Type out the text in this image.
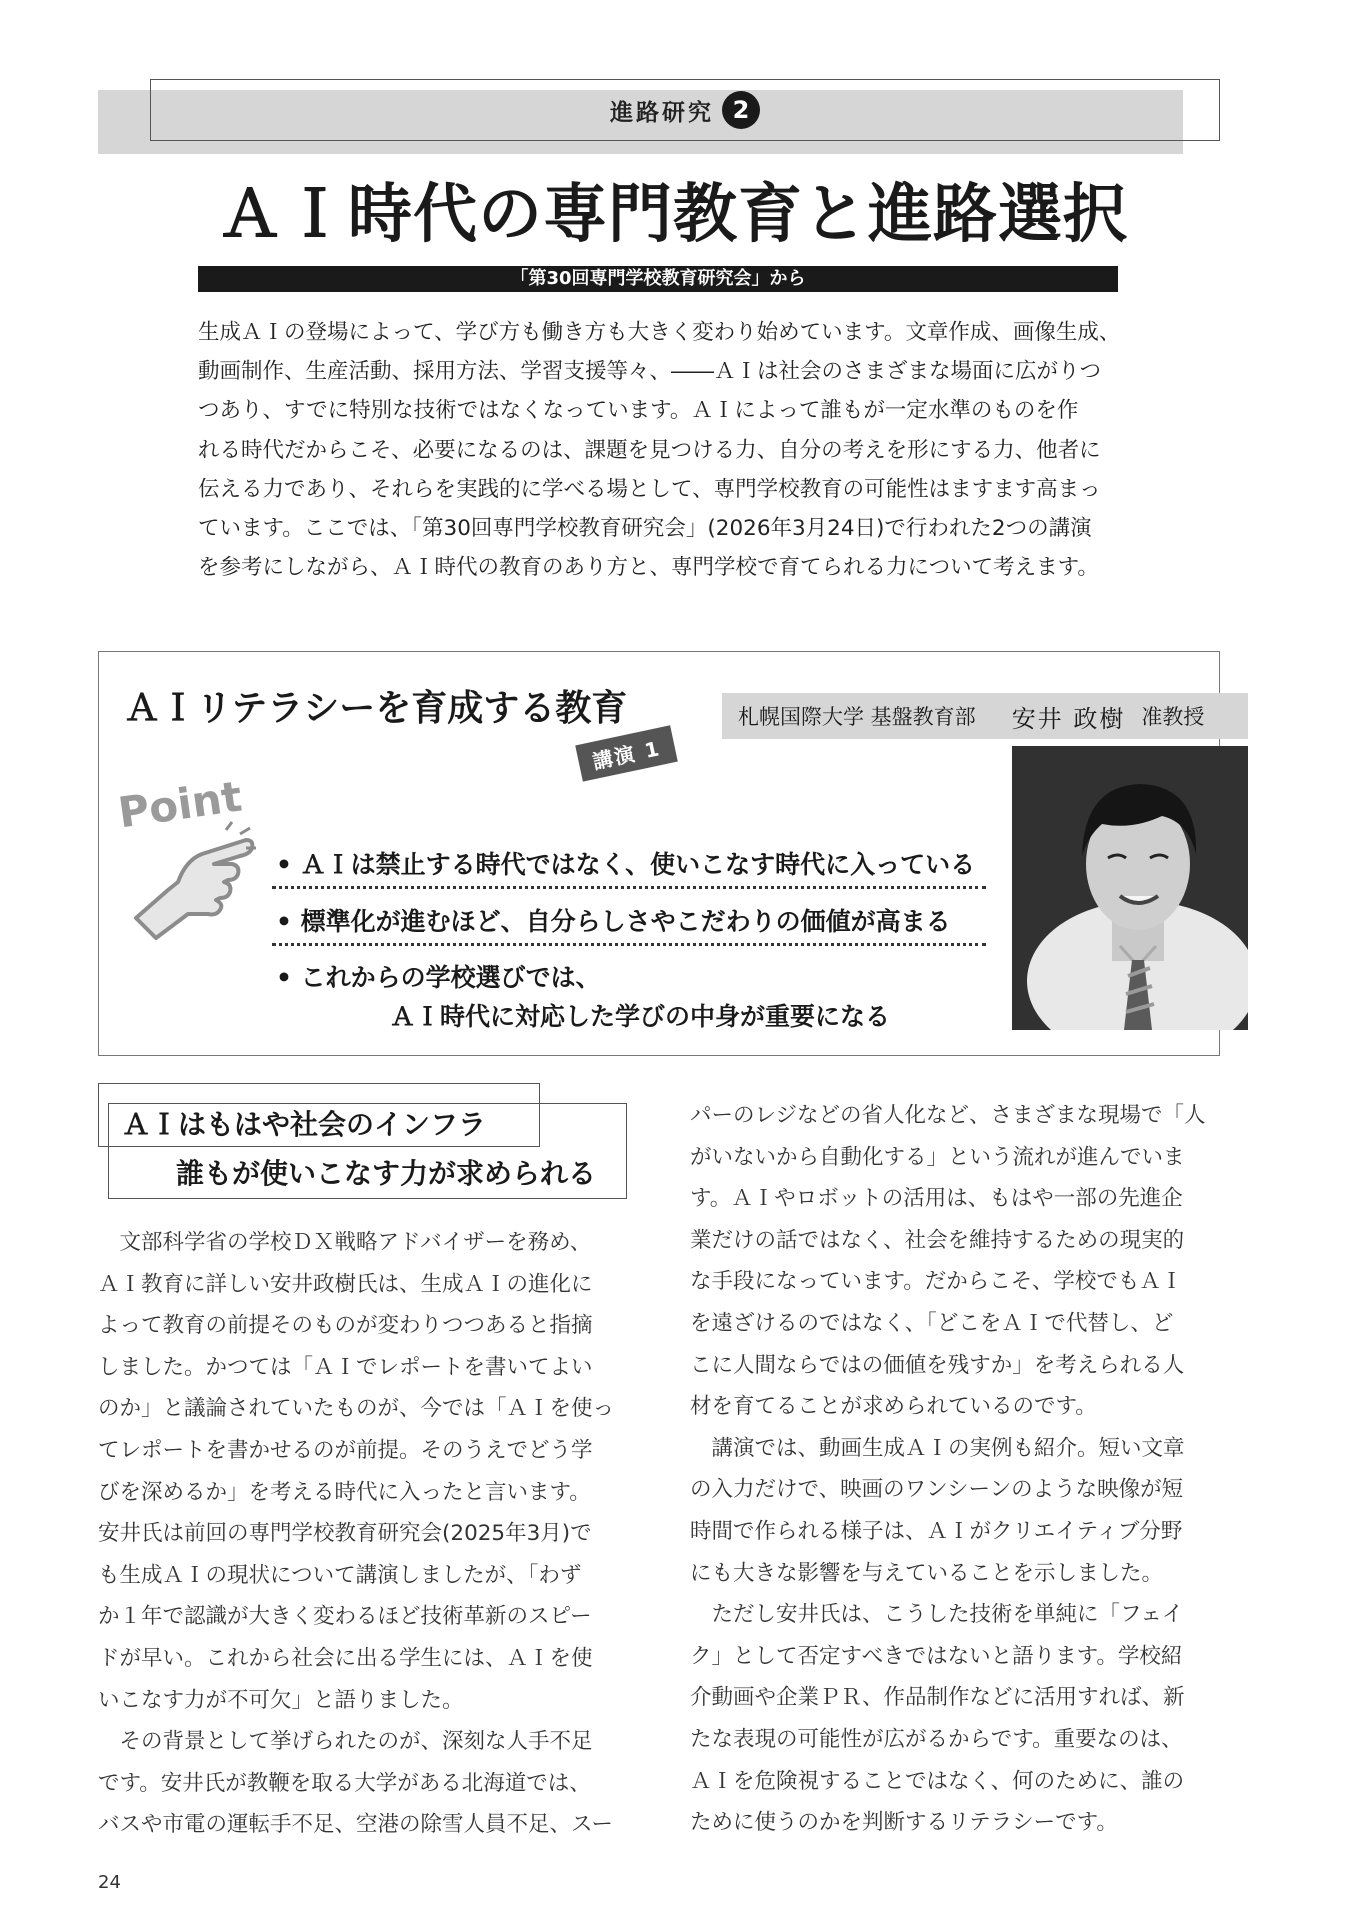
進路研究 2
ＡＩ時代の専門教育と進路選択
「第30回専門学校教育研究会」から

生成ＡＩの登場によって、学び方も働き方も大きく変わり始めています。文章作成、画像生成、

動画制作、生産活動、採用方法、学習支援等々、――ＡＩは社会のさまざまな場面に広がりつ

つあり、すでに特別な技術ではなくなっています。ＡＩによって誰もが一定水準のものを作

れる時代だからこそ、必要になるのは、課題を見つける力、自分の考えを形にする力、他者に

伝える力であり、それらを実践的に学べる場として、専門学校教育の可能性はますます高まっ

ています。ここでは、「第30回専門学校教育研究会」(2026年3月24日)で行われた2つの講演

を参考にしながら、ＡＩ時代の教育のあり方と、専門学校で育てられる力について考えます。

ＡＩリテラシーを育成する教育
講演 1
札幌国際大学 基盤教育部 安井 政樹 准教授
Point
• ＡＩは禁止する時代ではなく、使いこなす時代に入っている
• 標準化が進むほど、自分らしさやこだわりの価値が高まる
• これからの学校選びでは、
ＡＩ時代に対応した学びの中身が重要になる
ＡＩはもはや社会のインフラ
誰もが使いこなす力が求められる

　文部科学省の学校ＤＸ戦略アドバイザーを務め、

ＡＩ教育に詳しい安井政樹氏は、生成ＡＩの進化に

よって教育の前提そのものが変わりつつあると指摘

しました。かつては「ＡＩでレポートを書いてよい

のか」と議論されていたものが、今では「ＡＩを使っ

てレポートを書かせるのが前提。そのうえでどう学

びを深めるか」を考える時代に入ったと言います。

安井氏は前回の専門学校教育研究会(2025年3月)で

も生成ＡＩの現状について講演しましたが、「わず

か１年で認識が大きく変わるほど技術革新のスピー

ドが早い。これから社会に出る学生には、ＡＩを使

いこなす力が不可欠」と語りました。

　その背景として挙げられたのが、深刻な人手不足

です。安井氏が教鞭を取る大学がある北海道では、

バスや市電の運転手不足、空港の除雪人員不足、スー

パーのレジなどの省人化など、さまざまな現場で「人

がいないから自動化する」という流れが進んでいま

す。ＡＩやロボットの活用は、もはや一部の先進企

業だけの話ではなく、社会を維持するための現実的

な手段になっています。だからこそ、学校でもＡＩ

を遠ざけるのではなく、「どこをＡＩで代替し、ど

こに人間ならではの価値を残すか」を考えられる人

材を育てることが求められているのです。

　講演では、動画生成ＡＩの実例も紹介。短い文章

の入力だけで、映画のワンシーンのような映像が短

時間で作られる様子は、ＡＩがクリエイティブ分野

にも大きな影響を与えていることを示しました。

　ただし安井氏は、こうした技術を単純に「フェイ

ク」として否定すべきではないと語ります。学校紹

介動画や企業ＰＲ、作品制作などに活用すれば、新

たな表現の可能性が広がるからです。重要なのは、

ＡＩを危険視することではなく、何のために、誰の

ために使うのかを判断するリテラシーです。

24
